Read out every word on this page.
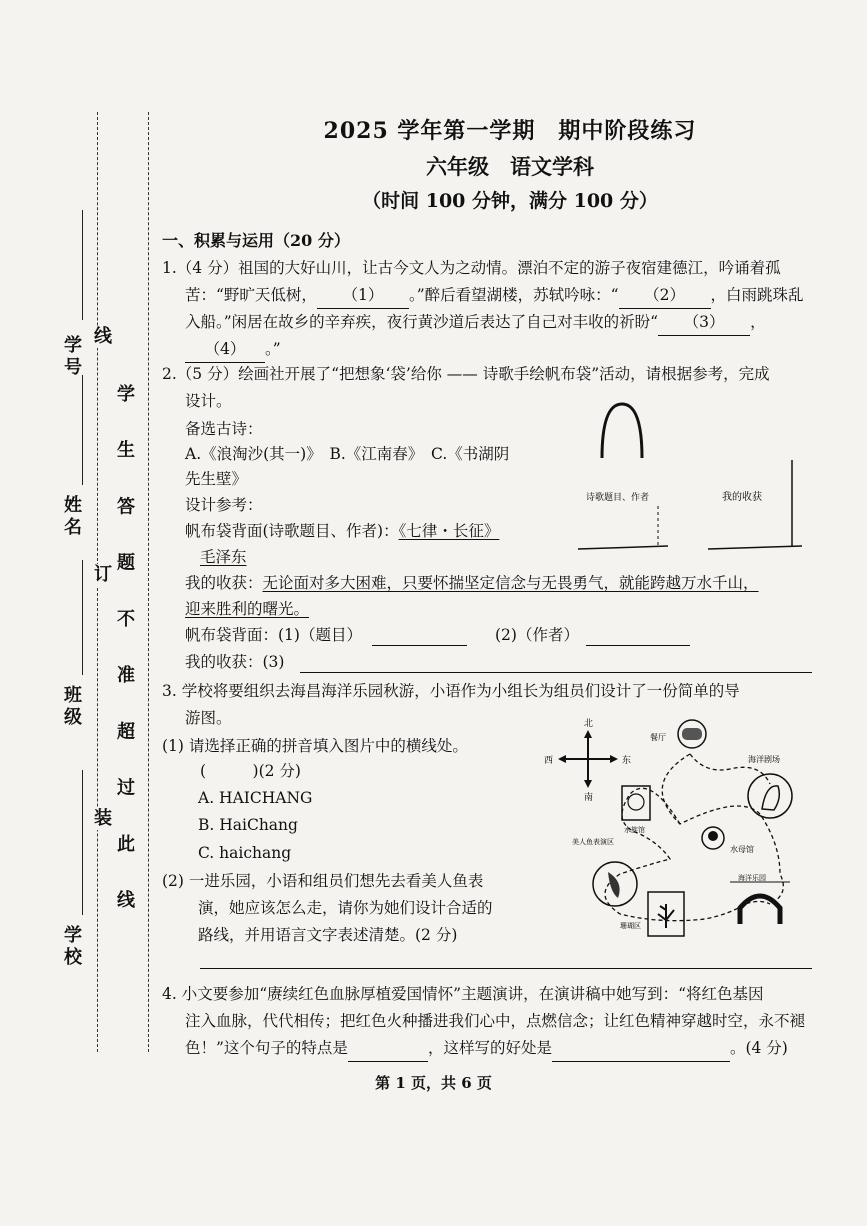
学号
姓名
班级
学校
装
订
线
学 生 答 题 不 准 超 过 此 线
2025 学年第一学期　期中阶段练习
六年级　语文学科
（时间 100 分钟，满分 100 分）
一、积累与运用（20 分）
1.（4 分）祖国的大好山川，让古今文人为之动情。漂泊不定的游子夜宿建德江，吟诵着孤
苦：“野旷天低树， （1） 。”醉后看望湖楼，苏轼吟咏：“ （2） ，白雨跳珠乱
入船。”闲居在故乡的辛弃疾，夜行黄沙道后表达了自己对丰收的祈盼“ （3） ，
（4） 。”
2.（5 分）绘画社开展了“把想象‘袋’给你 —— 诗歌手绘帆布袋”活动，请根据参考，完成
设计。
备选古诗：
A.《浪淘沙(其一)》　B.《江南春》　C.《书湖阴
先生壁》
设计参考：
帆布袋背面(诗歌题目、作者)：《七律・长征》
毛泽东
我的收获：无论面对多大困难，只要怀揣坚定信念与无畏勇气，就能跨越万水千山，
迎来胜利的曙光。
帆布袋背面：(1)（题目）	(2)（作者）
我的收获：(3)
诗歌题目、作者	我的收获
3. 学校将要组织去海昌海洋乐园秋游，小语作为小组长为组员们设计了一份简单的导
游图。
(1) 请选择正确的拼音填入图片中的横线处。
(　　　)(2 分)
A. HAICHANG
B. HaiChang
C. haichang
(2) 一进乐园，小语和组员们想先去看美人鱼表
演，她应该怎么走，请你为她们设计合适的
路线，并用语言文字表述清楚。(2 分)
北
南
东
西
餐厅
海洋剧场
水族馆
水母馆
美人鱼表演区
珊瑚区
海洋乐园
4. 小文要参加“赓续红色血脉厚植爱国情怀”主题演讲，在演讲稿中她写到：“将红色基因
注入血脉，代代相传；把红色火种播进我们心中，点燃信念；让红色精神穿越时空，永不褪
色！”这个句子的特点是	，这样写的好处是	。(4 分)
第 1 页，共 6 页
